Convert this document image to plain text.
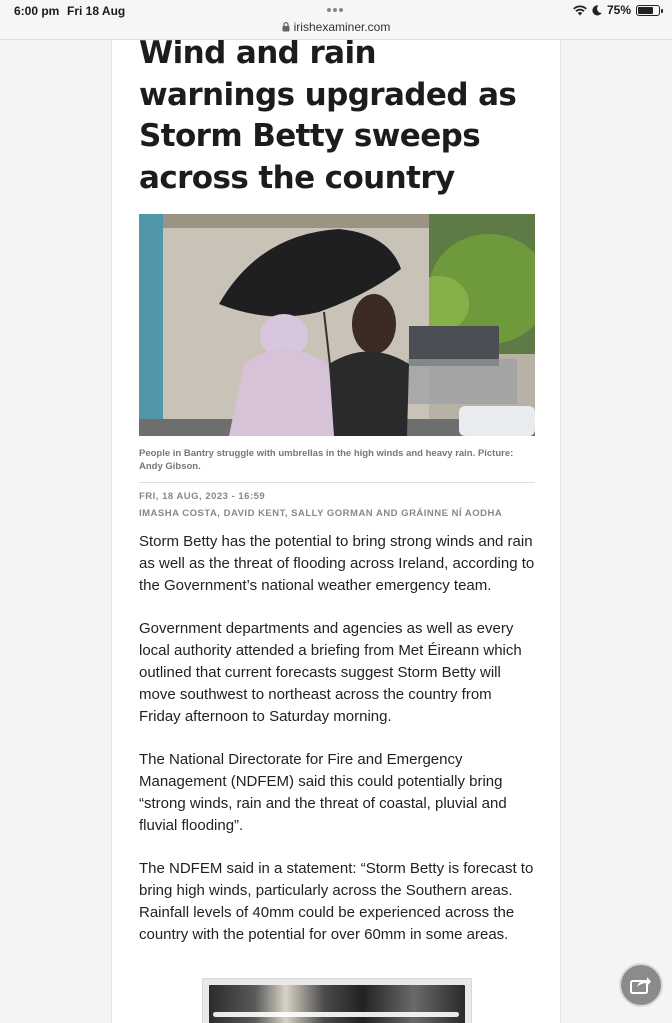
6:00 pm Fri 18 Aug	75%
irishexaminer.com
Wind and rain warnings upgraded as Storm Betty sweeps across the country

People in Bantry struggle with umbrellas in the high winds and heavy rain. Picture: Andy Gibson.

FRI, 18 AUG, 2023 - 16:59
IMASHA COSTA, DAVID KENT, SALLY GORMAN AND GRÁINNE NÍ AODHA

Storm Betty has the potential to bring strong winds and rain as well as the threat of flooding across Ireland, according to the Government’s national weather emergency team.

Government departments and agencies as well as every local authority attended a briefing from Met Éireann which outlined that current forecasts suggest Storm Betty will move southwest to northeast across the country from Friday afternoon to Saturday morning.

The National Directorate for Fire and Emergency Management (NDFEM) said this could potentially bring “strong winds, rain and the threat of coastal, pluvial and fluvial flooding”.

The NDFEM said in a statement: “Storm Betty is forecast to bring high winds, particularly across the Southern areas. Rainfall levels of 40mm could be experienced across the country with the potential for over 60mm in some areas.
